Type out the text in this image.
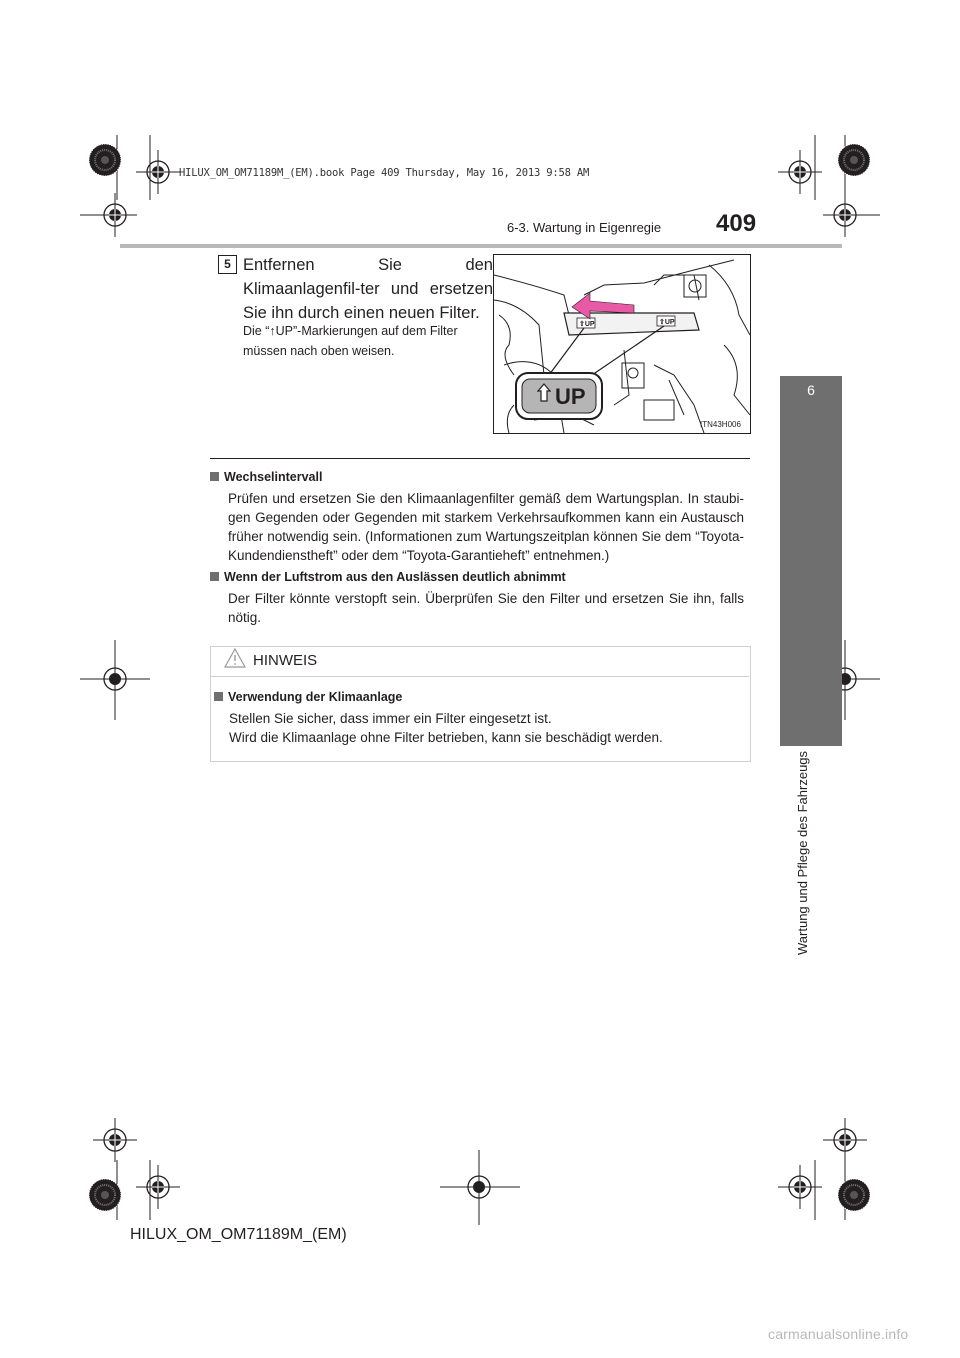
HILUX_OM_OM71189M_(EM).book Page 409 Thursday, May 16, 2013 9:58 AM
6-3. Wartung in Eigenregie 409
6
Wartung und Pflege des Fahrzeugs
5 Entfernen Sie den Klimaanlagenfil-ter und ersetzen Sie ihn durch einen neuen Filter.
Die “↑UP”-Markierungen auf dem Filter müssen nach oben weisen.
⇧UP	⇧UP
UP
ITN43H006
Wechselintervall
Prüfen und ersetzen Sie den Klimaanlagenfilter gemäß dem Wartungsplan. In staubi-gen Gegenden oder Gegenden mit starkem Verkehrsaufkommen kann ein Austausch früher notwendig sein. (Informationen zum Wartungszeitplan können Sie dem “Toyota-Kundendienstheft” oder dem “Toyota-Garantieheft” entnehmen.)
Wenn der Luftstrom aus den Auslässen deutlich abnimmt
Der Filter könnte verstopft sein. Überprüfen Sie den Filter und ersetzen Sie ihn, falls nötig.
HINWEIS
Verwendung der Klimaanlage
Stellen Sie sicher, dass immer ein Filter eingesetzt ist.
Wird die Klimaanlage ohne Filter betrieben, kann sie beschädigt werden.
HILUX_OM_OM71189M_(EM)
carmanualsonline.info
